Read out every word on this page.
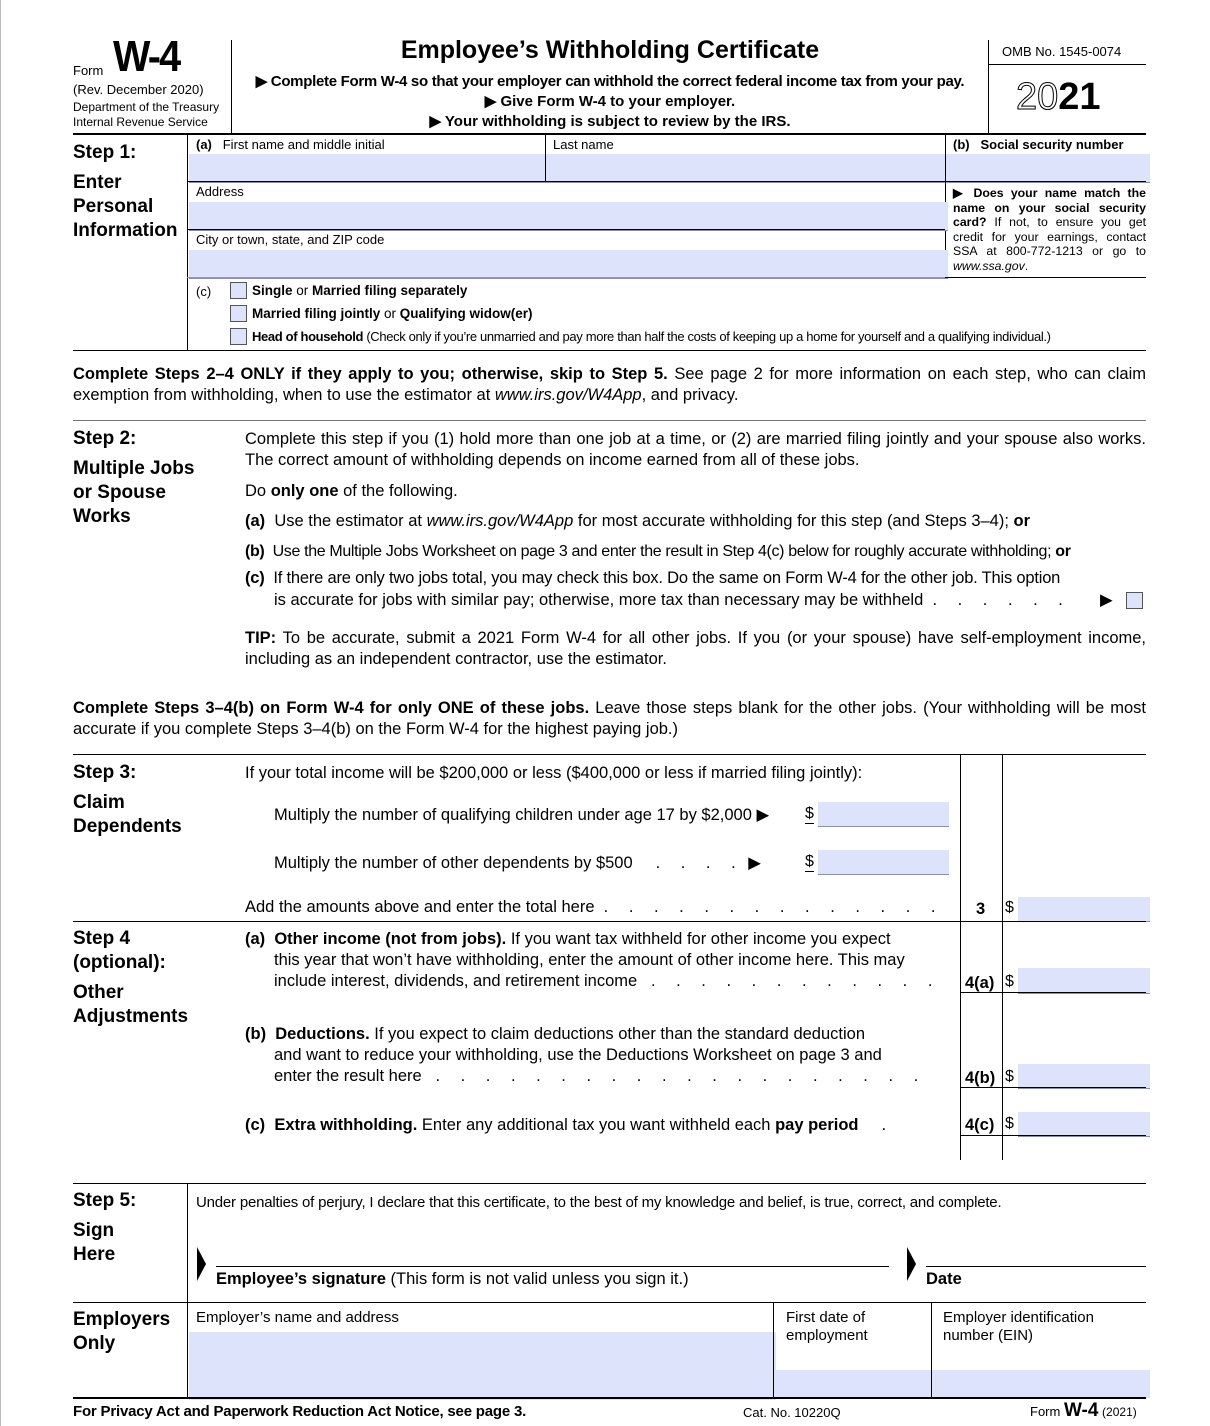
Form W-4
(Rev. December 2020)
Department of the Treasury
Internal Revenue Service
Employee’s Withholding Certificate
▶ Complete Form W-4 so that your employer can withhold the correct federal income tax from your pay.
▶ Give Form W-4 to your employer.
▶ Your withholding is subject to review by the IRS.
OMB No. 1545-0074
2021
Step 1:
Enter
Personal
Information
(a) First name and middle initial	Last name	(b) Social security number
Address
City or town, state, and ZIP code
▶ Does your name match the name on your social security card? If not, to ensure you get credit for your earnings, contact SSA at 800-772-1213 or go to www.ssa.gov.
(c)	Single or Married filing separately
Married filing jointly or Qualifying widow(er)
Head of household (Check only if you’re unmarried and pay more than half the costs of keeping up a home for yourself and a qualifying individual.)
Complete Steps 2–4 ONLY if they apply to you; otherwise, skip to Step 5. See page 2 for more information on each step, who can claim exemption from withholding, when to use the estimator at www.irs.gov/W4App, and privacy.
Step 2:
Multiple Jobs
or Spouse
Works
Complete this step if you (1) hold more than one job at a time, or (2) are married filing jointly and your spouse also works. The correct amount of withholding depends on income earned from all of these jobs.
Do only one of the following.
(a) Use the estimator at www.irs.gov/W4App for most accurate withholding for this step (and Steps 3–4); or
(b) Use the Multiple Jobs Worksheet on page 3 and enter the result in Step 4(c) below for roughly accurate withholding; or
(c) If there are only two jobs total, you may check this box. Do the same on Form W-4 for the other job. This option
is accurate for jobs with similar pay; otherwise, more tax than necessary may be withheld . . . . . . ▶
TIP: To be accurate, submit a 2021 Form W-4 for all other jobs. If you (or your spouse) have self-employment income, including as an independent contractor, use the estimator.
Complete Steps 3–4(b) on Form W-4 for only ONE of these jobs. Leave those steps blank for the other jobs. (Your withholding will be most accurate if you complete Steps 3–4(b) on the Form W-4 for the highest paying job.)
Step 3:
Claim
Dependents
If your total income will be $200,000 or less ($400,000 or less if married filing jointly):
Multiply the number of qualifying children under age 17 by $2,000 ▶ $
Multiply the number of other dependents by $500 . . . . ▶	$
Add the amounts above and enter the total here . . . . . . . . . . . . . . 3 $
Step 4
(optional):
Other
Adjustments
(a) Other income (not from jobs). If you want tax withheld for other income you expect
this year that won’t have withholding, enter the amount of other income here. This may
include interest, dividends, and retirement income . . . . . . . . . . . .	4(a) $
(b) Deductions. If you expect to claim deductions other than the standard deduction
and want to reduce your withholding, use the Deductions Worksheet on page 3 and
enter the result here . . . . . . . . . . . . . . . . . . . .	4(b) $
(c) Extra withholding. Enter any additional tax you want withheld each pay period .	4(c) $
Step 5:
Sign
Here
Under penalties of perjury, I declare that this certificate, to the best of my knowledge and belief, is true, correct, and complete.
Employee’s signature (This form is not valid unless you sign it.)	Date
Employers
Only
Employer’s name and address	First date of
employment
Employer identification
number (EIN)
For Privacy Act and Paperwork Reduction Act Notice, see page 3.	Cat. No. 10220Q	Form W-4 (2021)
